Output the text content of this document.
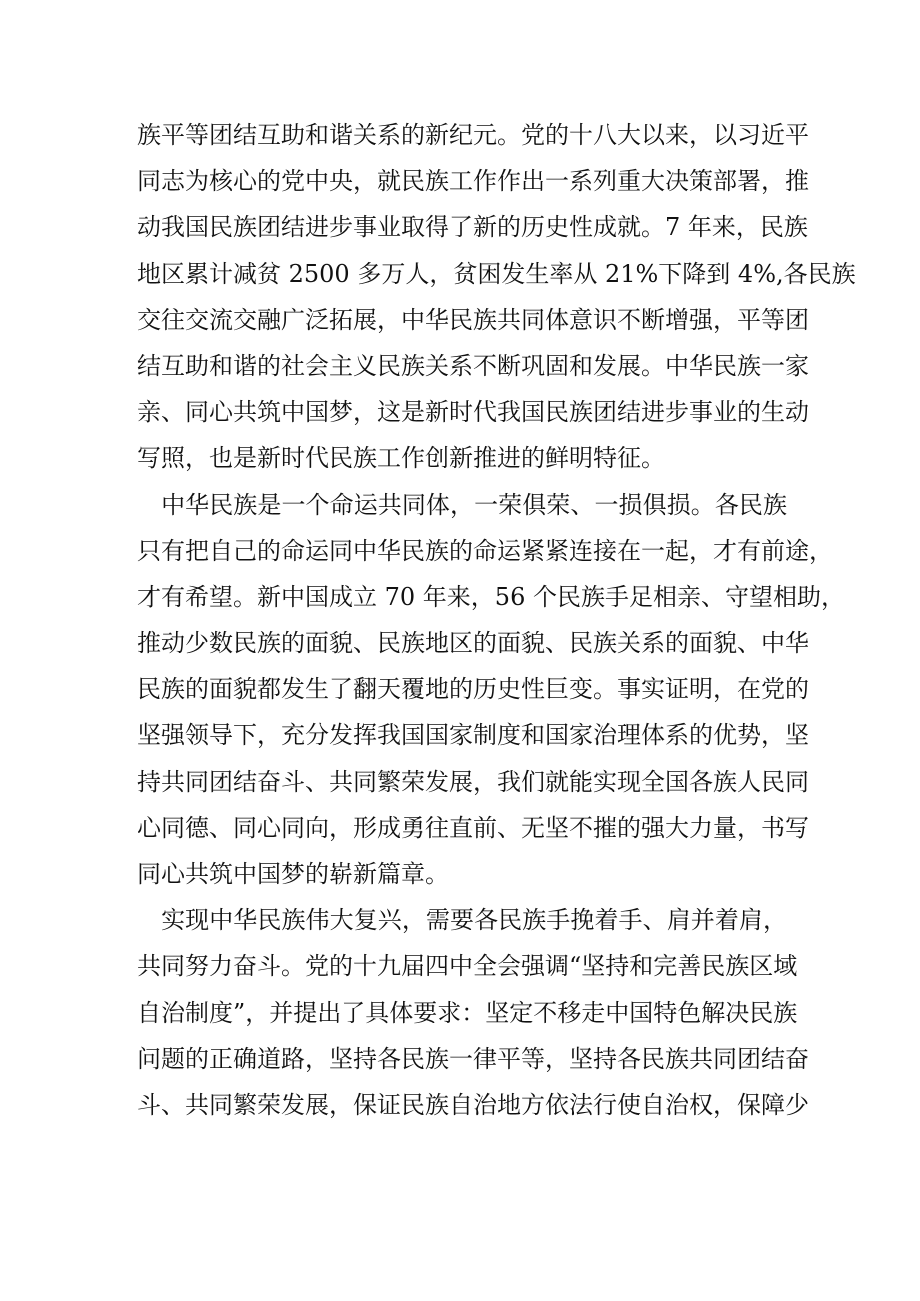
族平等团结互助和谐关系的新纪元。党的十八大以来，以习近平
同志为核心的党中央，就民族工作作出一系列重大决策部署，推
动我国民族团结进步事业取得了新的历史性成就。7 年来，民族
地区累计减贫 2500 多万人，贫困发生率从 21%下降到 4%,各民族
交往交流交融广泛拓展，中华民族共同体意识不断增强，平等团
结互助和谐的社会主义民族关系不断巩固和发展。中华民族一家
亲、同心共筑中国梦，这是新时代我国民族团结进步事业的生动
写照，也是新时代民族工作创新推进的鲜明特征。
　中华民族是一个命运共同体，一荣俱荣、一损俱损。各民族
只有把自己的命运同中华民族的命运紧紧连接在一起，才有前途，
才有希望。新中国成立 70 年来，56 个民族手足相亲、守望相助，
推动少数民族的面貌、民族地区的面貌、民族关系的面貌、中华
民族的面貌都发生了翻天覆地的历史性巨变。事实证明，在党的
坚强领导下，充分发挥我国国家制度和国家治理体系的优势，坚
持共同团结奋斗、共同繁荣发展，我们就能实现全国各族人民同
心同德、同心同向，形成勇往直前、无坚不摧的强大力量，书写
同心共筑中国梦的崭新篇章。
　实现中华民族伟大复兴，需要各民族手挽着手、肩并着肩，
共同努力奋斗。党的十九届四中全会强调“坚持和完善民族区域
自治制度”，并提出了具体要求：坚定不移走中国特色解决民族
问题的正确道路，坚持各民族一律平等，坚持各民族共同团结奋
斗、共同繁荣发展，保证民族自治地方依法行使自治权，保障少
